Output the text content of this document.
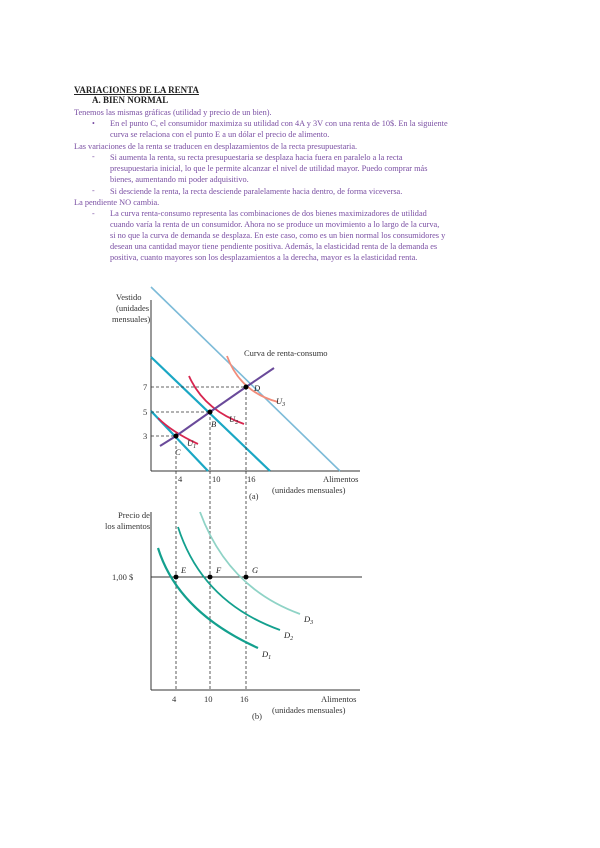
VARIACIONES DE LA RENTA
A. BIEN NORMAL
Tenemos las mismas gráficas (utilidad y precio de un bien).
• En el punto C, el consumidor maximiza su utilidad con 4A y 3V con una renta de 10$. En la siguiente
curva se relaciona con el punto E a un dólar el precio de alimento.
Las variaciones de la renta se traducen en desplazamientos de la recta presupuestaria.
- Si aumenta la renta, su recta presupuestaria se desplaza hacia fuera en paralelo a la recta
presupuestaria inicial, lo que le permite alcanzar el nivel de utilidad mayor. Puedo comprar más
bienes, aumentando mi poder adquisitivo.
- Si desciende la renta, la recta desciende paralelamente hacia dentro, de forma viceversa.
La pendiente NO cambia.
- La curva renta-consumo representa las combinaciones de dos bienes maximizadores de utilidad
cuando varía la renta de un consumidor. Ahora no se produce un movimiento a lo largo de la curva,
si no que la curva de demanda se desplaza. En este caso, como es un bien normal los consumidores y
desean una cantidad mayor tiene pendiente positiva. Además, la elasticidad renta de la demanda es
positiva, cuanto mayores son los desplazamientos a la derecha, mayor es la elasticidad renta.
Vestido
(unidades
mensuales)
Alimentos
(unidades mensuales)
(a)
C
B
D
$U_1$
$U_2$
$U_3$
Curva de renta-consumo
7
5
3
4	10	16
Precio de
los alimentos
Alimentos
(unidades mensuales)
(b)
1,00 $
E	F	G
$D_1$
$D_2$
$D_3$
4	10	16
